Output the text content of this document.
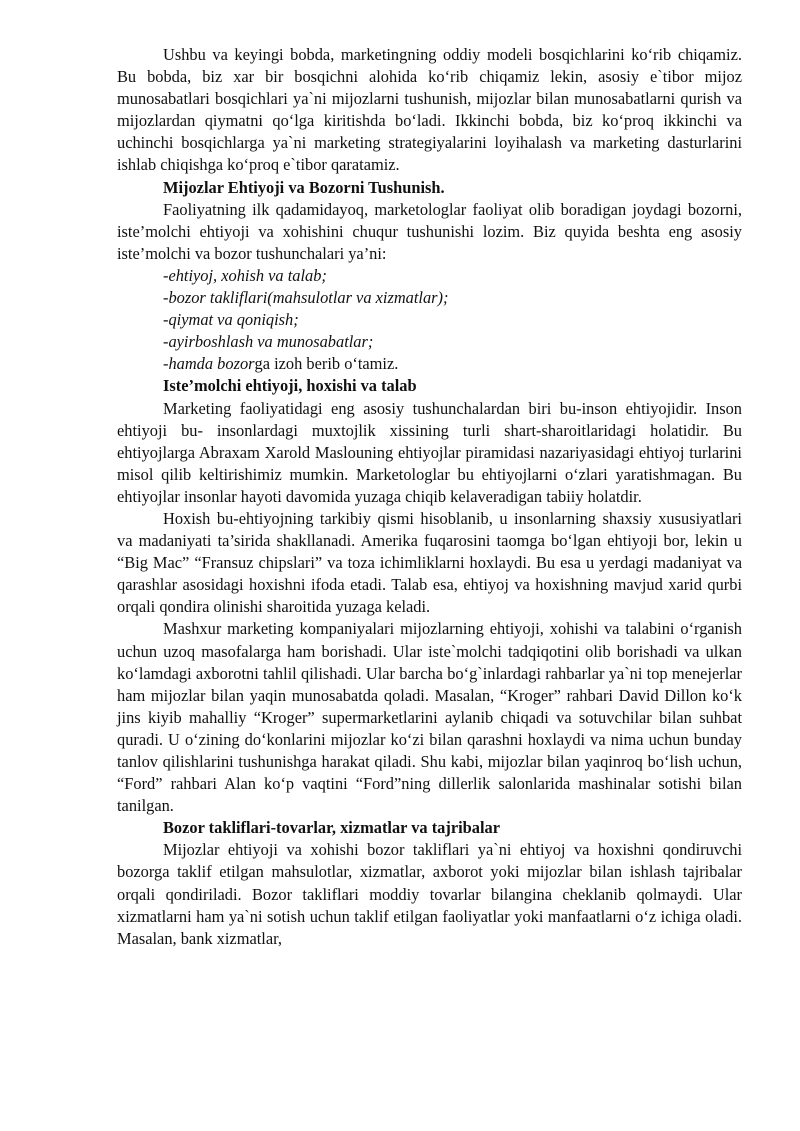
Ushbu va keyingi bobda, marketingning oddiy modeli bosqichlarini ko‘rib chiqamiz. Bu bobda, biz xar bir bosqichni alohida ko‘rib chiqamiz lekin, asosiy e`tibor mijoz munosabatlari bosqichlari ya`ni mijozlarni tushunish, mijozlar bilan munosabatlarni qurish va mijozlardan qiymatni qo‘lga kiritishda bo‘ladi. Ikkinchi bobda, biz ko‘proq ikkinchi va uchinchi bosqichlarga ya`ni marketing strategiyalarini loyihalash va marketing dasturlarini ishlab chiqishga ko‘proq e`tibor qaratamiz.

Mijozlar Ehtiyoji va Bozorni Tushunish.

Faoliyatning ilk qadamidayoq, marketologlar faoliyat olib boradigan joydagi bozorni, iste’molchi ehtiyoji va xohishini chuqur tushunishi lozim. Biz quyida beshta eng asosiy iste’molchi va bozor tushunchalari ya’ni:

-ehtiyoj, xohish va talab;

-bozor takliflari(mahsulotlar va xizmatlar);

-qiymat va qoniqish;

-ayirboshlash va munosabatlar;

-hamda bozorga izoh berib o‘tamiz.

Iste’molchi ehtiyoji, hoxishi va talab

Marketing faoliyatidagi eng asosiy tushunchalardan biri bu-inson ehtiyojidir. Inson ehtiyoji bu- insonlardagi muxtojlik xissining turli shart-sharoitlaridagi holatidir. Bu ehtiyojlarga Abraxam Xarold Maslouning ehtiyojlar piramidasi nazariyasidagi ehtiyoj turlarini misol qilib keltirishimiz mumkin. Marketologlar bu ehtiyojlarni o‘zlari yaratishmagan. Bu ehtiyojlar insonlar hayoti davomida yuzaga chiqib kelaveradigan tabiiy holatdir.

Hoxish bu-ehtiyojning tarkibiy qismi hisoblanib, u insonlarning shaxsiy xususiyatlari va madaniyati ta’sirida shakllanadi. Amerika fuqarosini taomga bo‘lgan ehtiyoji bor, lekin u “Big Mac” “Fransuz chipslari” va toza ichimliklarni hoxlaydi. Bu esa u yerdagi madaniyat va qarashlar asosidagi hoxishni ifoda etadi. Talab esa, ehtiyoj va hoxishning mavjud xarid qurbi orqali qondira olinishi sharoitida yuzaga keladi.

Mashxur marketing kompaniyalari mijozlarning ehtiyoji, xohishi va talabini o‘rganish uchun uzoq masofalarga ham borishadi. Ular iste`molchi tadqiqotini olib borishadi va ulkan ko‘lamdagi axborotni tahlil qilishadi. Ular barcha bo‘g`inlardagi rahbarlar ya`ni top menejerlar ham mijozlar bilan yaqin munosabatda qoladi. Masalan, “Kroger” rahbari David Dillon ko‘k jins kiyib mahalliy “Kroger” supermarketlarini aylanib chiqadi va sotuvchilar bilan suhbat quradi. U o‘zining do‘konlarini mijozlar ko‘zi bilan qarashni hoxlaydi va nima uchun bunday tanlov qilishlarini tushunishga harakat qiladi. Shu kabi, mijozlar bilan yaqinroq bo‘lish uchun, “Ford” rahbari Alan ko‘p vaqtini “Ford”ning dillerlik salonlarida mashinalar sotishi bilan tanilgan.

Bozor takliflari-tovarlar, xizmatlar va tajribalar

Mijozlar ehtiyoji va xohishi bozor takliflari ya`ni ehtiyoj va hoxishni qondiruvchi bozorga taklif etilgan mahsulotlar, xizmatlar, axborot yoki mijozlar bilan ishlash tajribalar orqali qondiriladi. Bozor takliflari moddiy tovarlar bilangina cheklanib qolmaydi. Ular xizmatlarni ham ya`ni sotish uchun taklif etilgan faoliyatlar yoki manfaatlarni o‘z ichiga oladi. Masalan, bank xizmatlar,
